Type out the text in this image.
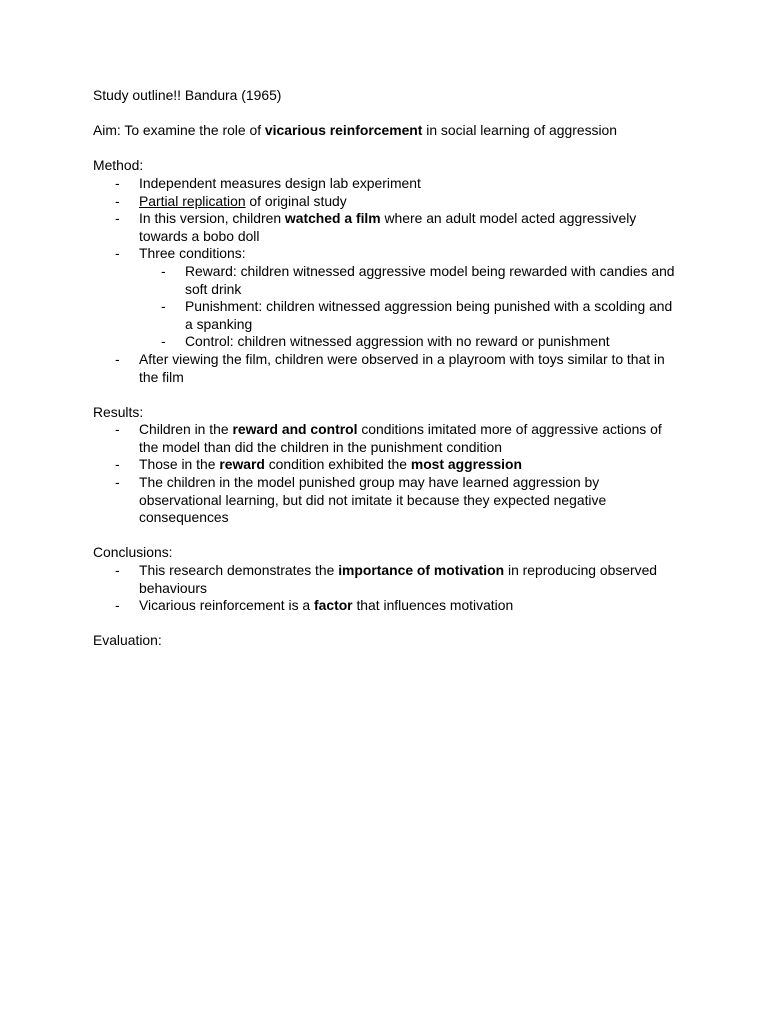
Study outline!! Bandura (1965)

Aim: To examine the role of vicarious reinforcement in social learning of aggression

Method:

- Independent measures design lab experiment
- Partial replication of original study
- In this version, children watched a film where an adult model acted aggressively towards a bobo doll
- Three conditions:
- Reward: children witnessed aggressive model being rewarded with candies and soft drink
- Punishment: children witnessed aggression being punished with a scolding and a spanking
- Control: children witnessed aggression with no reward or punishment
- After viewing the film, children were observed in a playroom with toys similar to that in the film

Results:

- Children in the reward and control conditions imitated more of aggressive actions of the model than did the children in the punishment condition
- Those in the reward condition exhibited the most aggression
- The children in the model punished group may have learned aggression by observational learning, but did not imitate it because they expected negative consequences

Conclusions:

- This research demonstrates the importance of motivation in reproducing observed behaviours
- Vicarious reinforcement is a factor that influences motivation

Evaluation:
